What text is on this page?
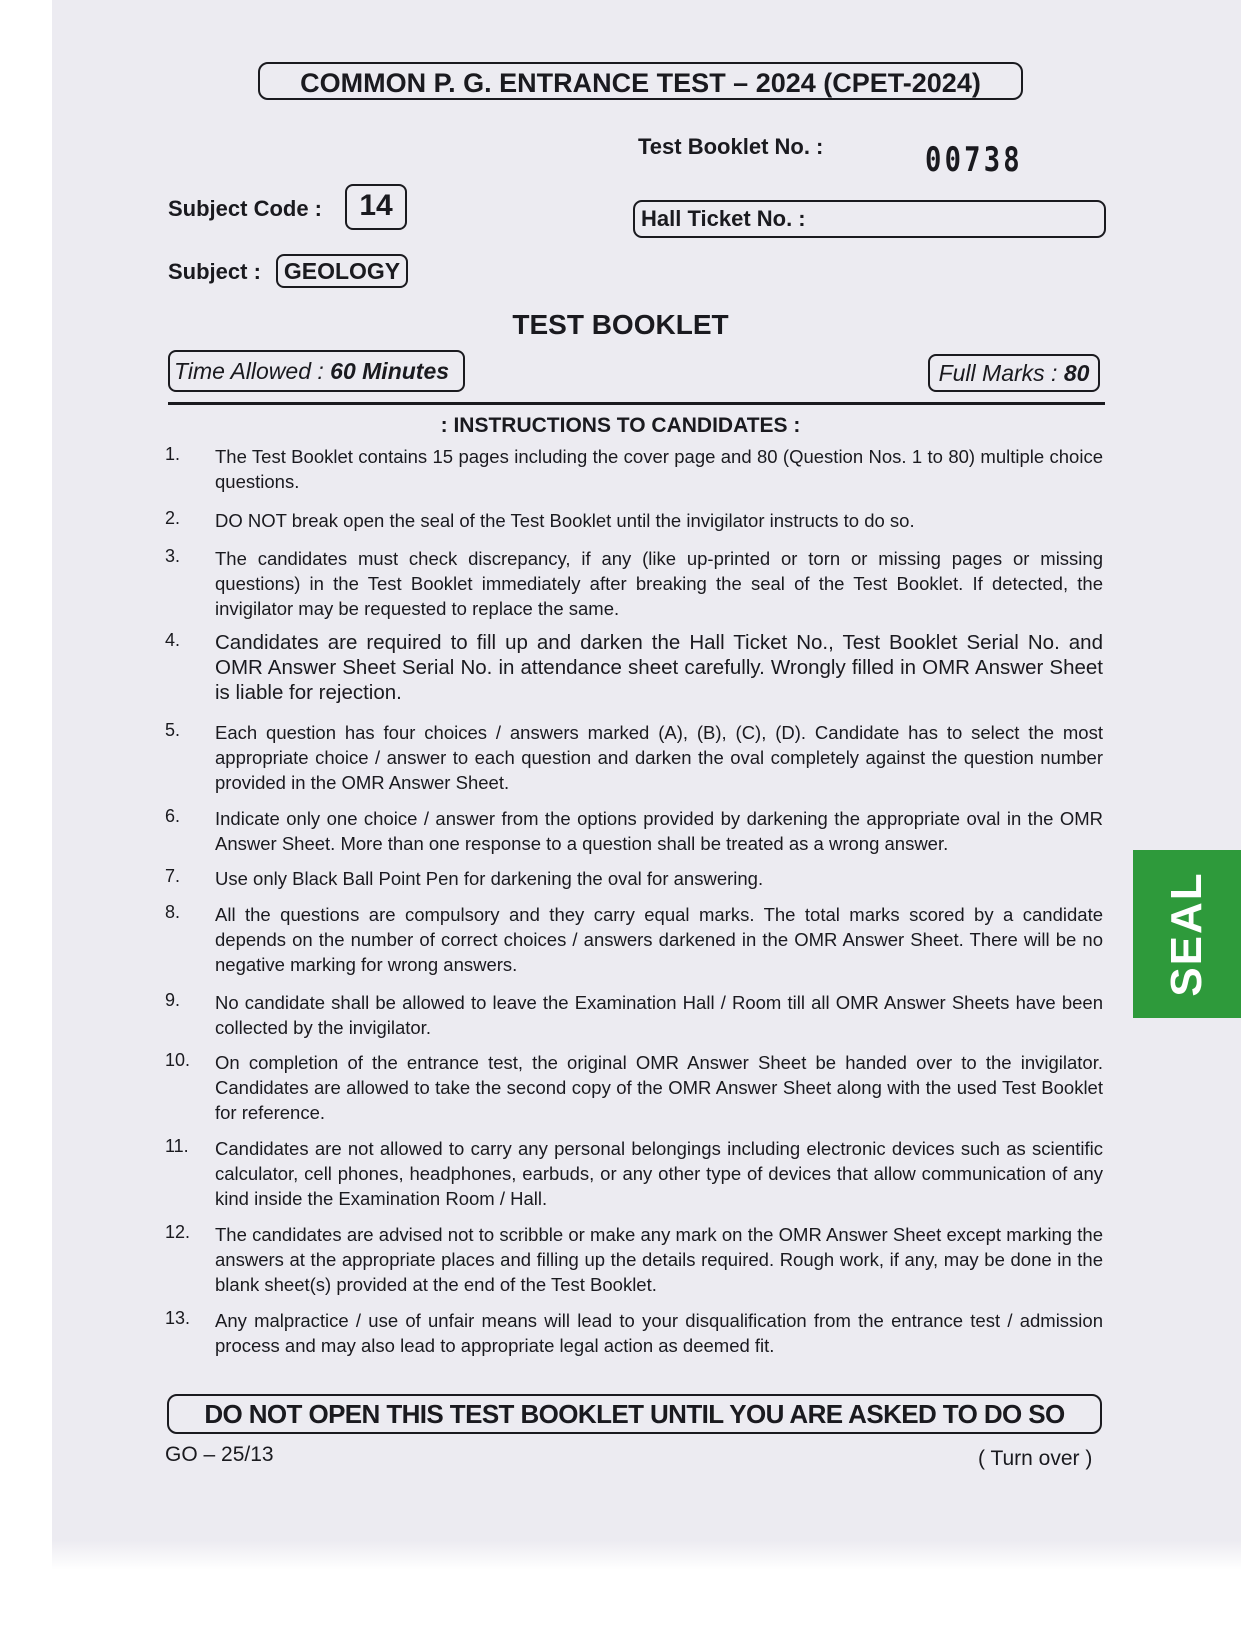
COMMON P. G. ENTRANCE TEST – 2024 (CPET-2024)
Test Booklet No. :	00738
Subject Code :	14	Hall Ticket No. :
Subject : GEOLOGY
TEST BOOKLET
Time Allowed : 60 Minutes	Full Marks : 80
: INSTRUCTIONS TO CANDIDATES :
1.	The Test Booklet contains 15 pages including the cover page and 80 (Question Nos. 1 to 80) multiple choice questions.
2.	DO NOT break open the seal of the Test Booklet until the invigilator instructs to do so.
3.	The candidates must check discrepancy, if any (like up-printed or torn or missing pages or missing questions) in the Test Booklet immediately after breaking the seal of the Test Booklet. If detected, the invigilator may be requested to replace the same.
4.	Candidates are required to fill up and darken the Hall Ticket No., Test Booklet Serial No. and OMR Answer Sheet Serial No. in attendance sheet carefully. Wrongly filled in OMR Answer Sheet is liable for rejection.
5.	Each question has four choices / answers marked (A), (B), (C), (D). Candidate has to select the most appropriate choice / answer to each question and darken the oval completely against the question number provided in the OMR Answer Sheet.
6.	Indicate only one choice / answer from the options provided by darkening the appropriate oval in the OMR Answer Sheet. More than one response to a question shall be treated as a wrong answer.
7.	Use only Black Ball Point Pen for darkening the oval for answering.
8.	All the questions are compulsory and they carry equal marks. The total marks scored by a candidate depends on the number of correct choices / answers darkened in the OMR Answer Sheet. There will be no negative marking for wrong answers.
9.	No candidate shall be allowed to leave the Examination Hall / Room till all OMR Answer Sheets have been collected by the invigilator.
10.	On completion of the entrance test, the original OMR Answer Sheet be handed over to the invigilator. Candidates are allowed to take the second copy of the OMR Answer Sheet along with the used Test Booklet for reference.
11.	Candidates are not allowed to carry any personal belongings including electronic devices such as scientific calculator, cell phones, headphones, earbuds, or any other type of devices that allow communication of any kind inside the Examination Room / Hall.
12.	The candidates are advised not to scribble or make any mark on the OMR Answer Sheet except marking the answers at the appropriate places and filling up the details required. Rough work, if any, may be done in the blank sheet(s) provided at the end of the Test Booklet.
13.	Any malpractice / use of unfair means will lead to your disqualification from the entrance test / admission process and may also lead to appropriate legal action as deemed fit.
DO NOT OPEN THIS TEST BOOKLET UNTIL YOU ARE ASKED TO DO SO
GO – 25/13	( Turn over )
SEAL
